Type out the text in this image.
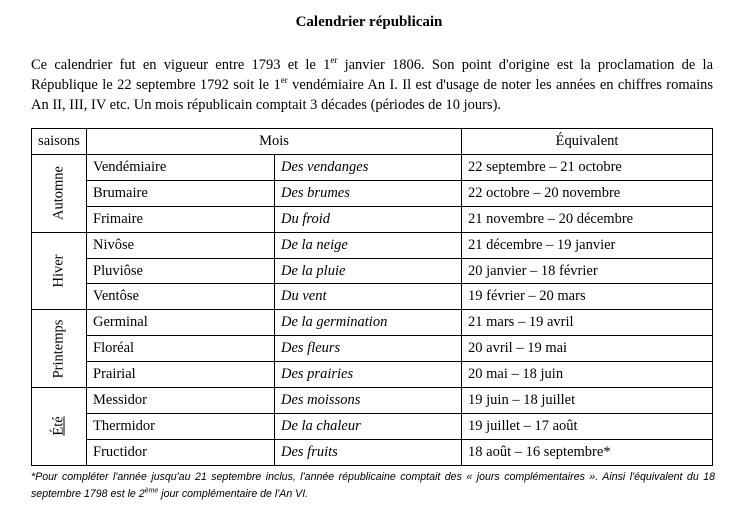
Calendrier républicain

Ce calendrier fut en vigueur entre 1793 et le 1er janvier 1806. Son point d'origine est la proclamation de la République le 22 septembre 1792 soit le 1er vendémiaire An I. Il est d'usage de noter les années en chiffres romains An II, III, IV etc. Un mois républicain comptait 3 décades (périodes de 10 jours).

saisons	Mois		Équivalent

Automne	Vendémiaire	Des vendanges	22 septembre – 21 octobre
	Brumaire	Des brumes	22 octobre – 20 novembre
	Frimaire	Du froid	21 novembre – 20 décembre

Hiver	Nivôse	De la neige	21 décembre – 19 janvier
	Pluviôse	De la pluie	20 janvier – 18 février
	Ventôse	Du vent	19 février – 20 mars

Printemps	Germinal	De la germination	21 mars – 19 avril
	Floréal	Des fleurs	20 avril – 19 mai
	Prairial	Des prairies	20 mai – 18 juin

Été	Messidor	Des moissons	19 juin – 18 juillet
	Thermidor	De la chaleur	19 juillet – 17 août
	Fructidor	Des fruits	18 août – 16 septembre*

*Pour compléter l'année jusqu'au 21 septembre inclus, l'année républicaine comptait des « jours complémentaires ». Ainsi l'équivalent du 18 septembre 1798 est le 2ème jour complémentaire de l'An VI.
